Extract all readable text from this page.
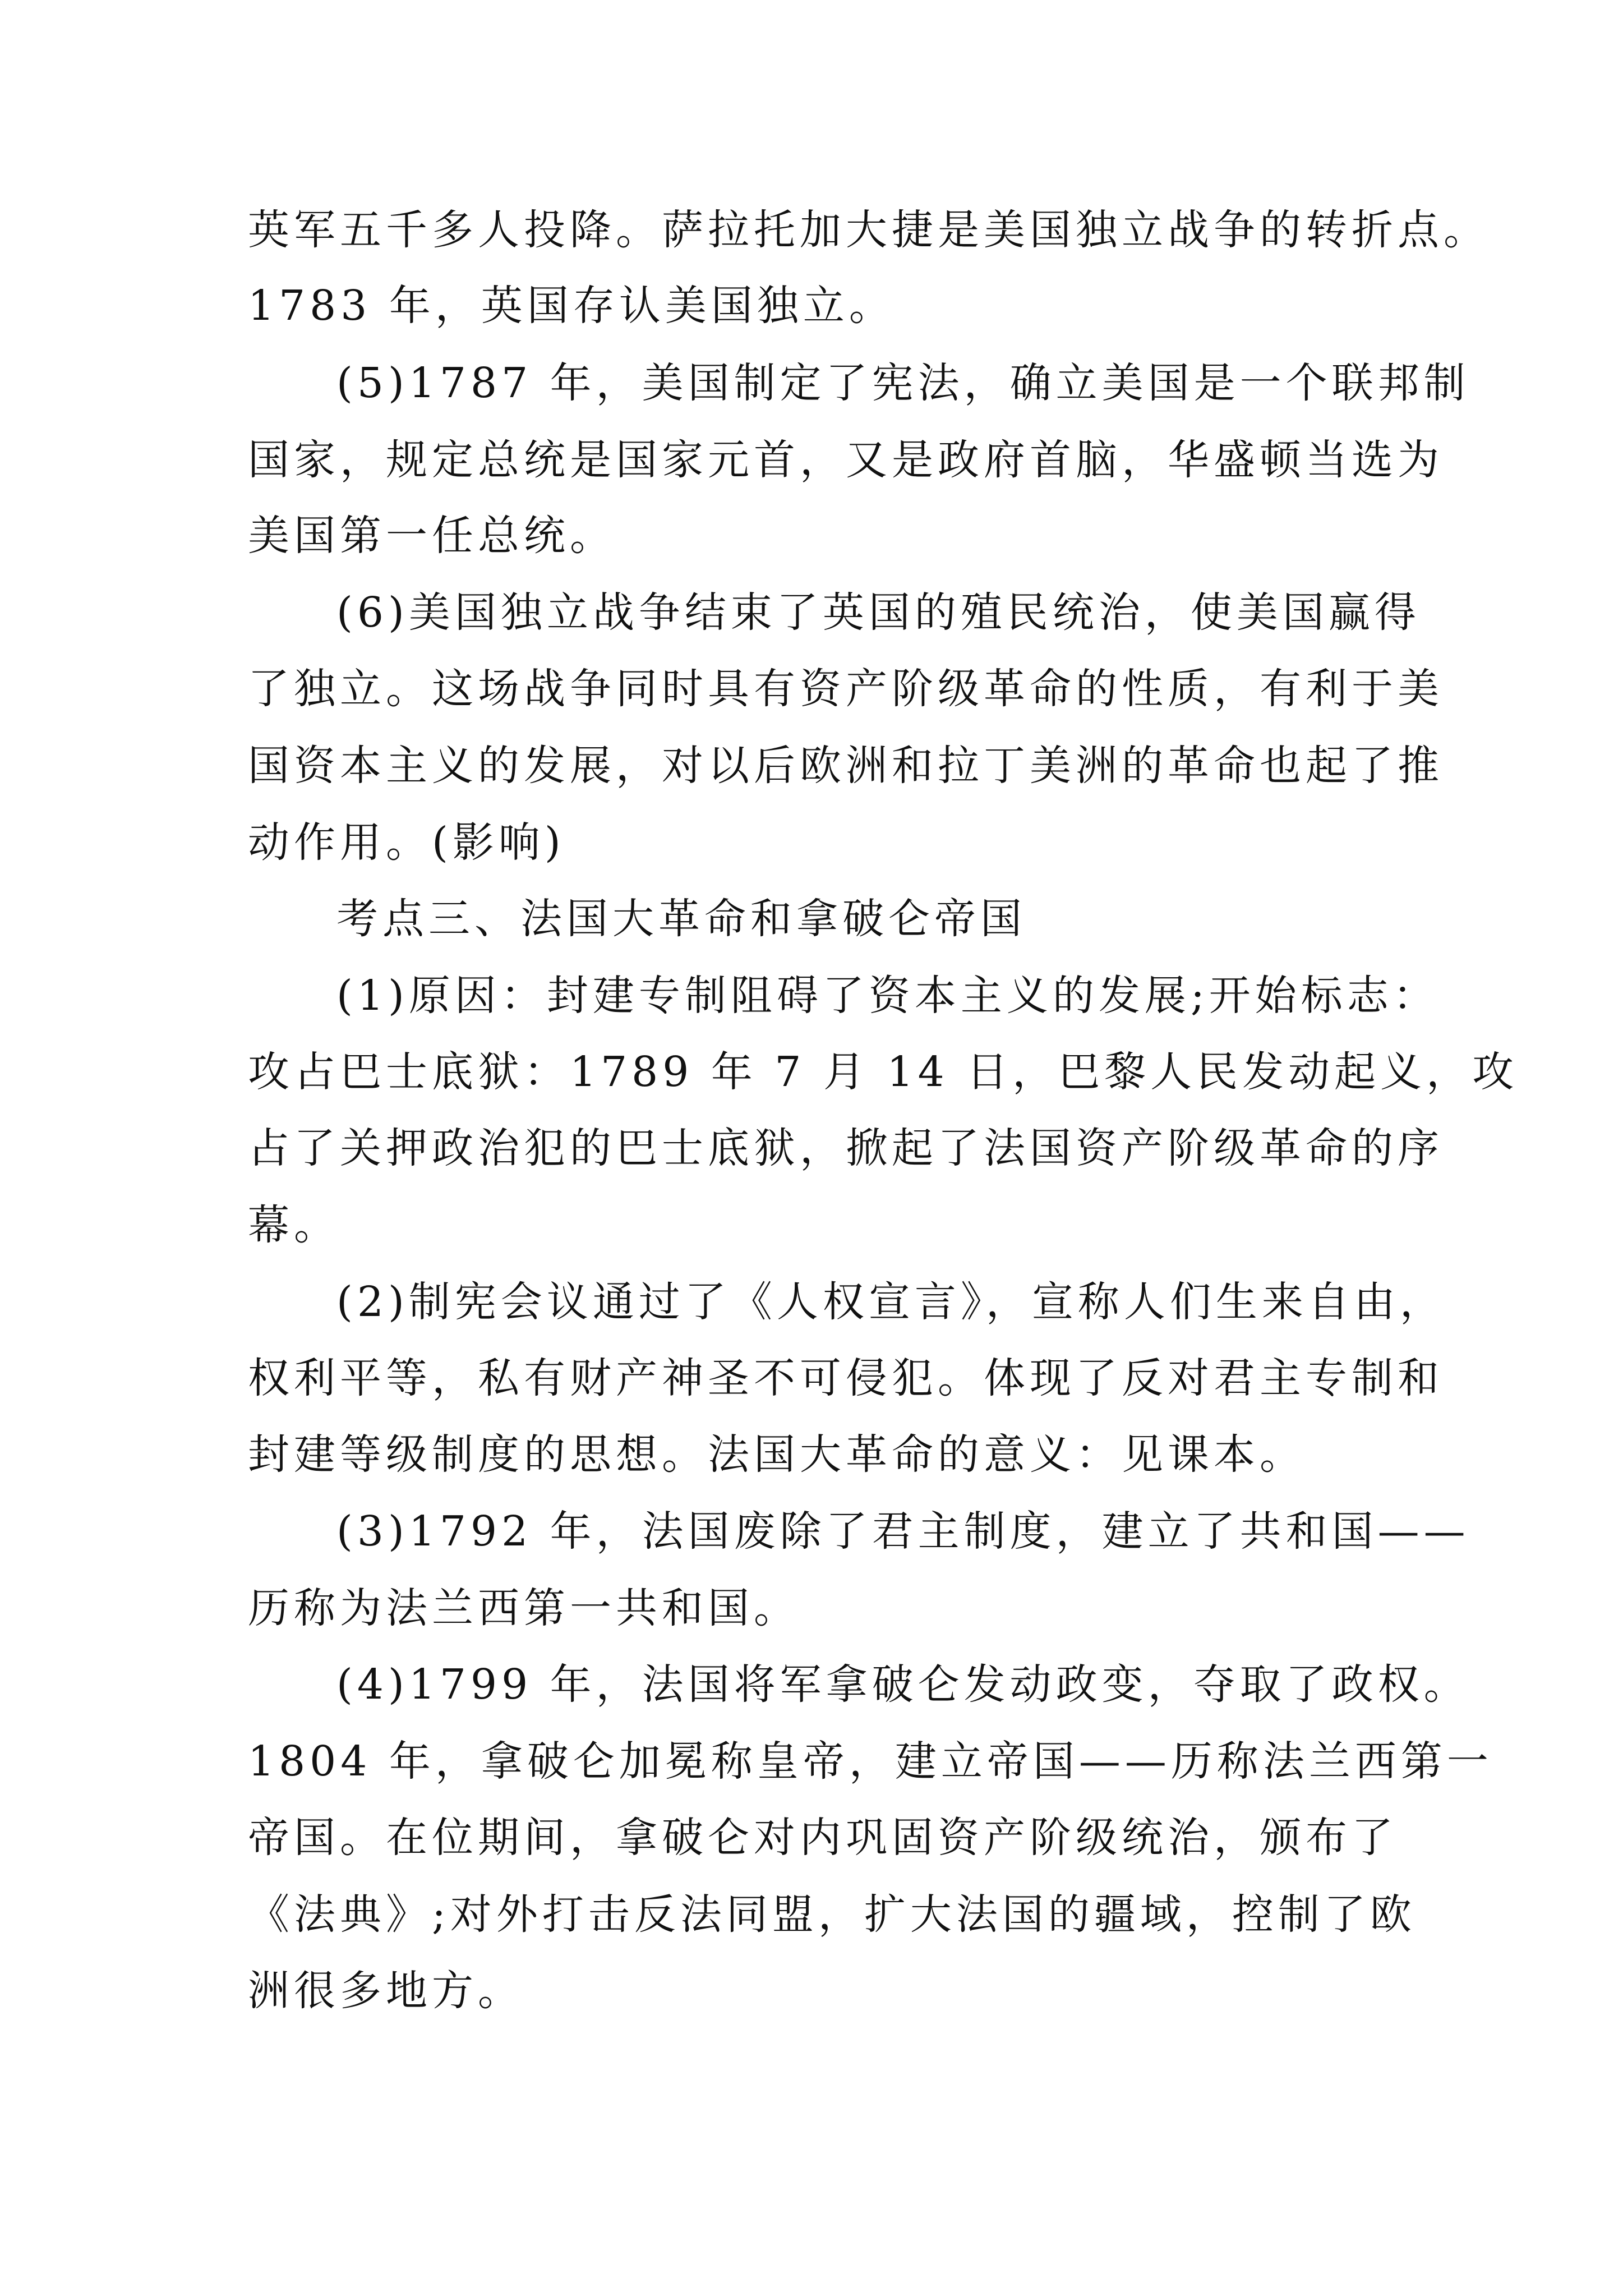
英军五千多人投降。萨拉托加大捷是美国独立战争的转折点。
1783 年，英国存认美国独立。
(5)1787 年，美国制定了宪法，确立美国是一个联邦制
国家，规定总统是国家元首，又是政府首脑，华盛顿当选为
美国第一任总统。
(6)美国独立战争结束了英国的殖民统治，使美国赢得
了独立。这场战争同时具有资产阶级革命的性质，有利于美
国资本主义的发展，对以后欧洲和拉丁美洲的革命也起了推
动作用。(影响)
考点三、法国大革命和拿破仑帝国
(1)原因：封建专制阻碍了资本主义的发展;开始标志：
攻占巴士底狱：1789 年 7 月 14 日，巴黎人民发动起义，攻
占了关押政治犯的巴士底狱，掀起了法国资产阶级革命的序
幕。
(2)制宪会议通过了《人权宣言》，宣称人们生来自由，
权利平等，私有财产神圣不可侵犯。体现了反对君主专制和
封建等级制度的思想。法国大革命的意义：见课本。
(3)1792 年，法国废除了君主制度，建立了共和国——
历称为法兰西第一共和国。
(4)1799 年，法国将军拿破仑发动政变，夺取了政权。
1804 年，拿破仑加冕称皇帝，建立帝国——历称法兰西第一
帝国。在位期间，拿破仑对内巩固资产阶级统治，颁布了
《法典》;对外打击反法同盟，扩大法国的疆域，控制了欧
洲很多地方。
